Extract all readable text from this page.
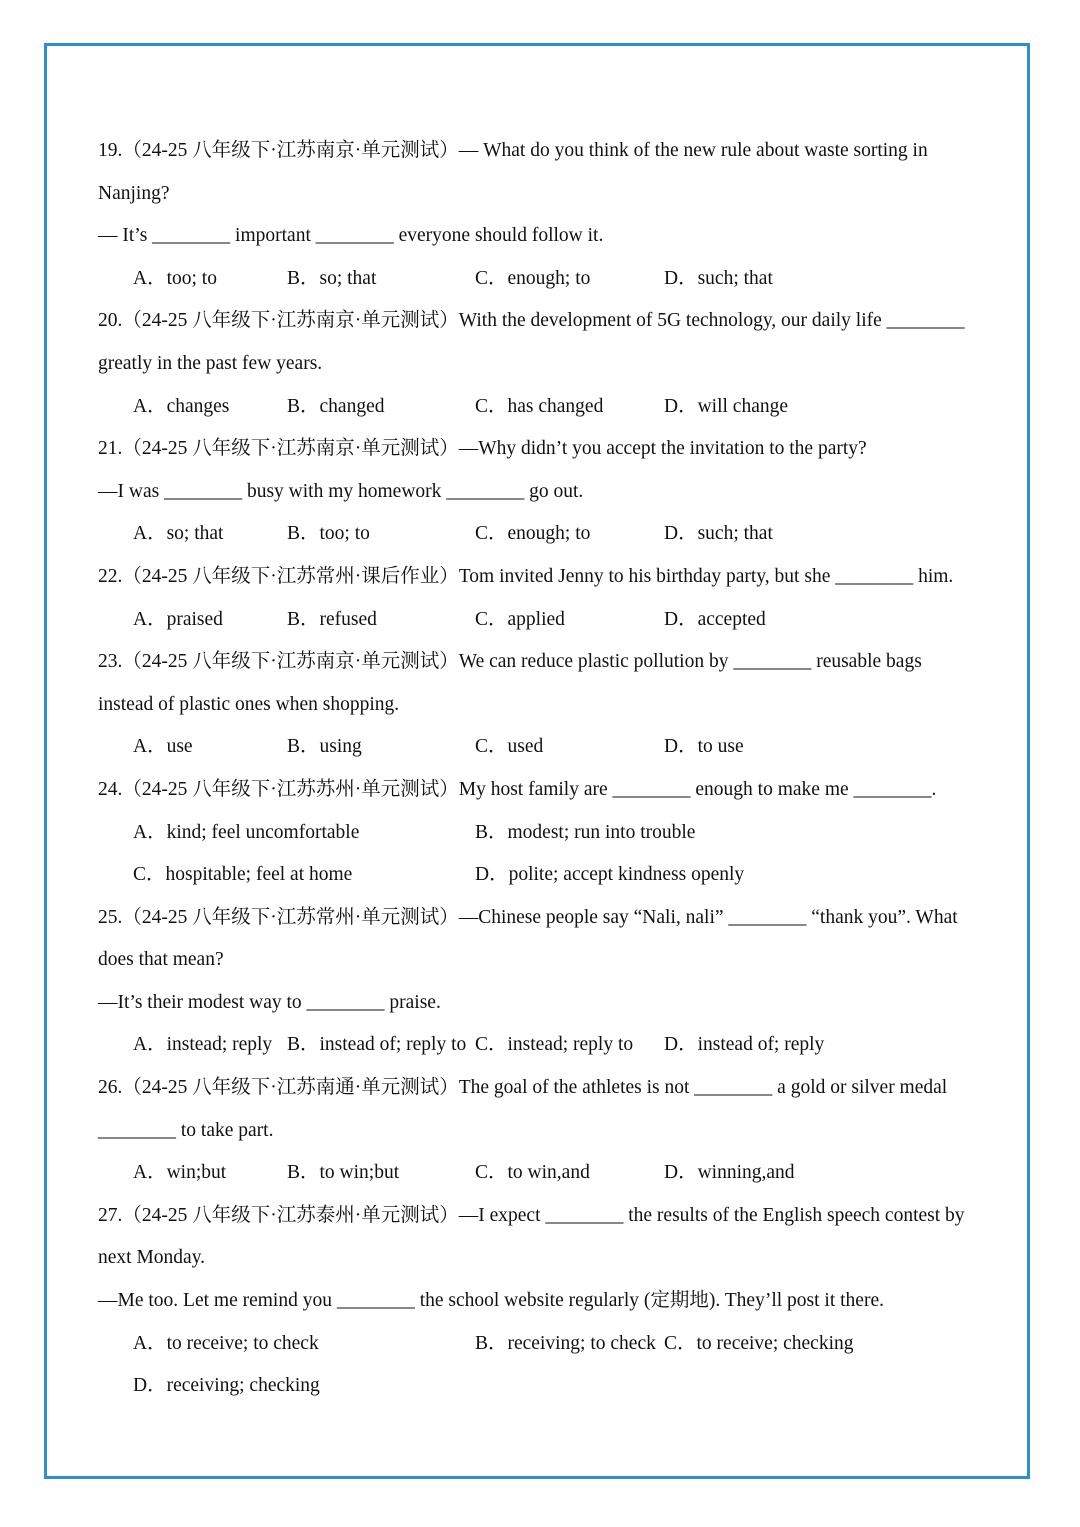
19.（24-25 八年级下·江苏南京·单元测试）— What do you think of the new rule about waste sorting in
Nanjing?
— It’s ________ important ________ everyone should follow it.
A．too; to	B．so; that	C．enough; to	D．such; that
20.（24-25 八年级下·江苏南京·单元测试）With the development of 5G technology, our daily life ________
greatly in the past few years.
A．changes	B．changed	C．has changed	D．will change
21.（24-25 八年级下·江苏南京·单元测试）—Why didn’t you accept the invitation to the party?
—I was ________ busy with my homework ________ go out.
A．so; that	B．too; to	C．enough; to	D．such; that
22.（24-25 八年级下·江苏常州·课后作业）Tom invited Jenny to his birthday party, but she ________ him.
A．praised	B．refused	C．applied	D．accepted
23.（24-25 八年级下·江苏南京·单元测试）We can reduce plastic pollution by ________ reusable bags
instead of plastic ones when shopping.
A．use	B．using	C．used	D．to use
24.（24-25 八年级下·江苏苏州·单元测试）My host family are ________ enough to make me ________.
A．kind; feel uncomfortable	B．modest; run into trouble
C．hospitable; feel at home	D．polite; accept kindness openly
25.（24-25 八年级下·江苏常州·单元测试）—Chinese people say “Nali, nali” ________ “thank you”. What
does that mean?
—It’s their modest way to ________ praise.
A．instead; reply B．instead of; reply to C．instead; reply to D．instead of; reply
26.（24-25 八年级下·江苏南通·单元测试）The goal of the athletes is not ________ a gold or silver medal
________ to take part.
A．win;but	B．to win;but	C．to win,and	D．winning,and
27.（24-25 八年级下·江苏泰州·单元测试）—I expect ________ the results of the English speech contest by
next Monday.
—Me too. Let me remind you ________ the school website regularly (定期地). They’ll post it there.
A．to receive; to check	B．receiving; to check C．to receive; checking
D．receiving; checking
